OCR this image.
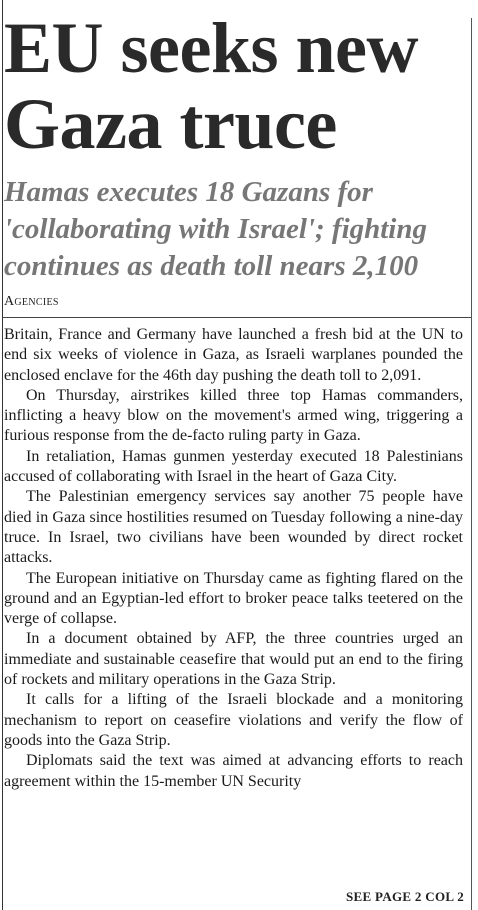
EU seeks new Gaza truce
Hamas executes 18 Gazans for 'collaborating with Israel'; fighting continues as death toll nears 2,100
Agencies

Britain, France and Germany have launched a fresh bid at the UN to end six weeks of violence in Gaza, as Israeli warplanes pounded the enclosed enclave for the 46th day pushing the death toll to 2,091.

On Thursday, airstrikes killed three top Hamas commanders, inflicting a heavy blow on the movement's armed wing, triggering a furious response from the de-facto ruling party in Gaza.

In retaliation, Hamas gunmen yesterday executed 18 Palestinians accused of collaborating with Israel in the heart of Gaza City.

The Palestinian emergency services say another 75 people have died in Gaza since hostilities resumed on Tuesday following a nine-day truce. In Israel, two civilians have been wounded by direct rocket attacks.

The European initiative on Thursday came as fighting flared on the ground and an Egyptian-led effort to broker peace talks teetered on the verge of collapse.

In a document obtained by AFP, the three countries urged an immediate and sustainable ceasefire that would put an end to the firing of rockets and military operations in the Gaza Strip.

It calls for a lifting of the Israeli blockade and a monitoring mechanism to report on ceasefire violations and verify the flow of goods into the Gaza Strip.

Diplomats said the text was aimed at advancing efforts to reach agreement within the 15-member UN Security

SEE PAGE 2 COL 2
